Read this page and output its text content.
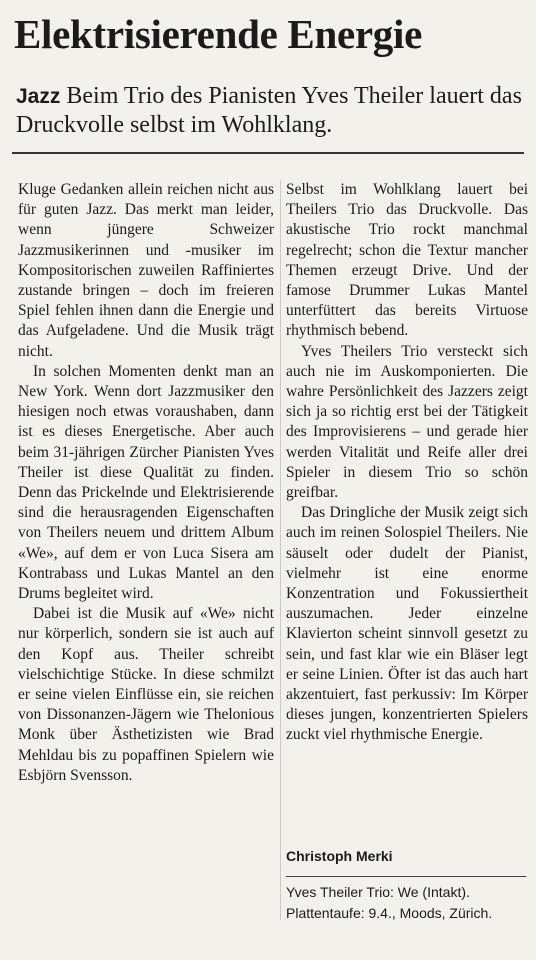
Elektrisierende Energie
Jazz Beim Trio des Pianisten Yves Theiler lauert das Druckvolle selbst im Wohlklang.

Kluge Gedanken allein reichen nicht aus für guten Jazz. Das merkt man leider, wenn jüngere Schweizer Jazzmusikerinnen und -musiker im Kompositorischen zuweilen Raffiniertes zustande bringen – doch im freieren Spiel fehlen ihnen dann die Energie und das Aufgeladene. Und die Musik trägt nicht.

In solchen Momenten denkt man an New York. Wenn dort Jazzmusiker den hiesigen noch etwas voraushaben, dann ist es dieses Energetische. Aber auch beim 31-jährigen Zürcher Pianisten Yves Theiler ist diese Qualität zu finden. Denn das Prickelnde und Elektrisierende sind die herausragenden Eigenschaften von Theilers neuem und drittem Album «We», auf dem er von Luca Sisera am Kontrabass und Lukas Mantel an den Drums begleitet wird.

Dabei ist die Musik auf «We» nicht nur körperlich, sondern sie ist auch auf den Kopf aus. Theiler schreibt vielschichtige Stücke. In diese schmilzt er seine vielen Einflüsse ein, sie reichen von Dissonanzen-Jägern wie Thelonious Monk über Ästhetizisten wie Brad Mehldau bis zu popaffinen Spielern wie Esbjörn Svensson.

Selbst im Wohlklang lauert bei Theilers Trio das Druckvolle. Das akustische Trio rockt manchmal regelrecht; schon die Textur mancher Themen erzeugt Drive. Und der famose Drummer Lukas Mantel unterfüttert das bereits Virtuose rhythmisch bebend.

Yves Theilers Trio versteckt sich auch nie im Auskomponierten. Die wahre Persönlichkeit des Jazzers zeigt sich ja so richtig erst bei der Tätigkeit des Improvisierens – und gerade hier werden Vitalität und Reife aller drei Spieler in diesem Trio so schön greifbar.

Das Dringliche der Musik zeigt sich auch im reinen Solospiel Theilers. Nie säuselt oder dudelt der Pianist, vielmehr ist eine enorme Konzentration und Fokussiertheit auszumachen. Jeder einzelne Klavierton scheint sinnvoll gesetzt zu sein, und fast klar wie ein Bläser legt er seine Linien. Öfter ist das auch hart akzentuiert, fast perkussiv: Im Körper dieses jungen, konzentrierten Spielers zuckt viel rhythmische Energie.

Christoph Merki
Yves Theiler Trio: We (Intakt).
Plattentaufe: 9.4., Moods, Zürich.
